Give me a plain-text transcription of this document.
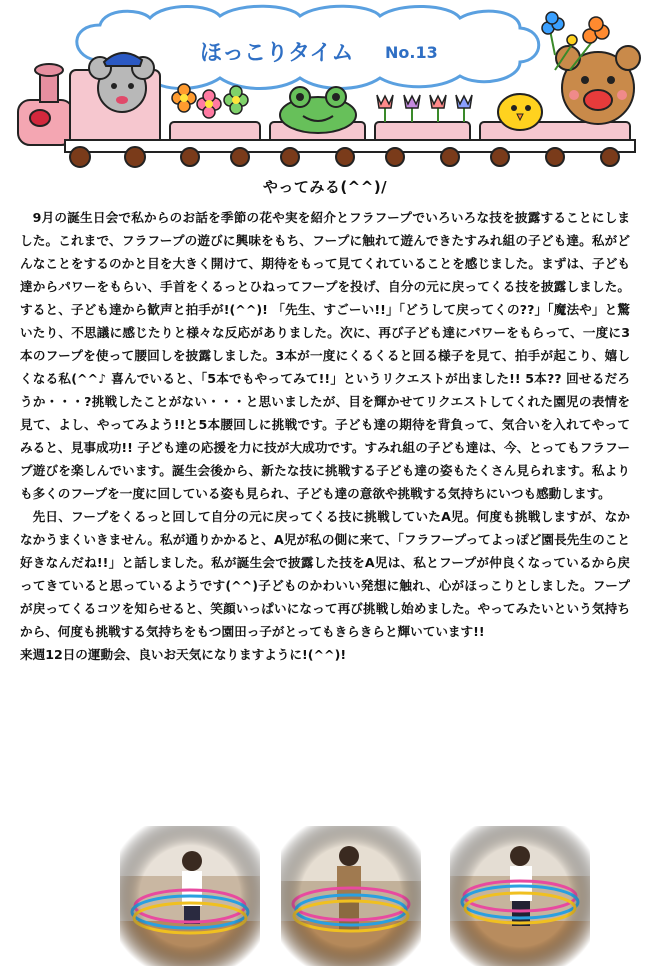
ほっこりタイム No.13
やってみる(^^)/

9月の誕生日会で私からのお話を季節の花や実を紹介とフラフープでいろいろな技を披露することにしました。これまで、フラフープの遊びに興味をもち、フープに触れて遊んできたすみれ組の子ども達。私がどんなことをするのかと目を大きく開けて、期待をもって見てくれていることを感じました。まずは、子ども達からパワーをもらい、手首をくるっとひねってフープを投げ、自分の元に戻ってくる技を披露しました。すると、子ども達から歓声と拍手が!(^^)! 「先生、すごーい!!」「どうして戻ってくの??」「魔法や」と驚いたり、不思議に感じたりと様々な反応がありました。次に、再び子ども達にパワーをもらって、一度に3本のフープを使って腰回しを披露しました。3本が一度にくるくると回る様子を見て、拍手が起こり、嬉しくなる私(^^♪ 喜んでいると、「5本でもやってみて!!」というリクエストが出ました!! 5本?? 回せるだろうか・・・?挑戦したことがない・・・と思いましたが、目を輝かせてリクエストしてくれた園児の表情を見て、よし、やってみよう!!と5本腰回しに挑戦です。子ども達の期待を背負って、気合いを入れてやってみると、見事成功!! 子ども達の応援を力に技が大成功です。すみれ組の子ども達は、今、とってもフラフープ遊びを楽しんでいます。誕生会後から、新たな技に挑戦する子ども達の姿もたくさん見られます。私よりも多くのフープを一度に回している姿も見られ、子ども達の意欲や挑戦する気持ちにいつも感動します。

先日、フープをくるっと回して自分の元に戻ってくる技に挑戦していたA児。何度も挑戦しますが、なかなかうまくいきません。私が通りかかると、A児が私の側に来て、「フラフープってよっぽど園長先生のこと好きなんだね!!」と話しました。私が誕生会で披露した技をA児は、私とフープが仲良くなっているから戻ってきていると思っているようです(^^)子どものかわいい発想に触れ、心がほっこりとしました。フープが戻ってくるコツを知らせると、笑顔いっぱいになって再び挑戦し始めました。やってみたいという気持ちから、何度も挑戦する気持ちをもつ園田っ子がとってもきらきらと輝いています!!

来週12日の運動会、良いお天気になりますように!(^^)!
